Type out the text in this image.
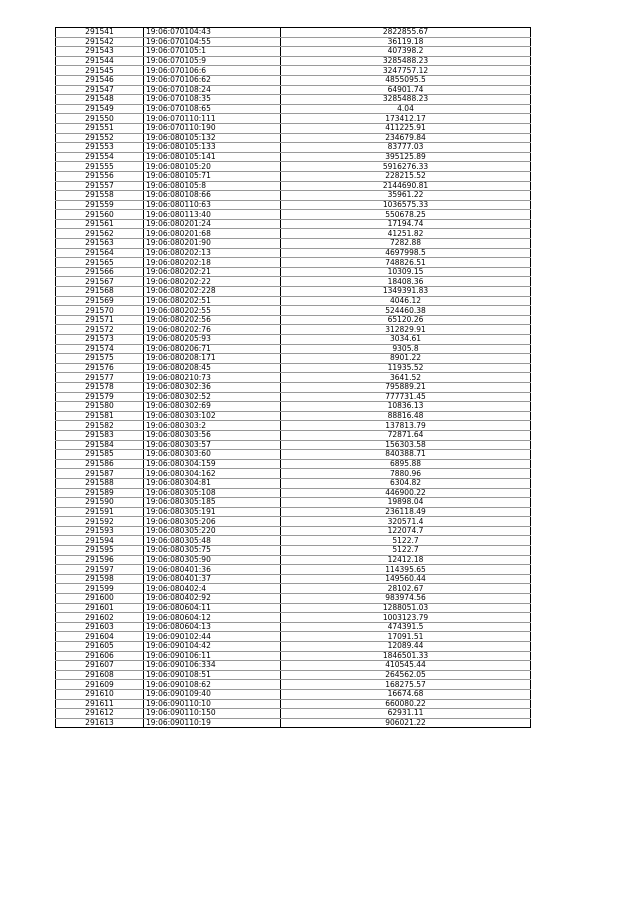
291541	19:06:070104:43	2822855.67
291542	19:06:070104:55	36119.18
291543	19:06:070105:1	407398.2
291544	19:06:070105:9	3285488.23
291545	19:06:070106:6	3247757.12
291546	19:06:070106:62	4855095.5
291547	19:06:070108:24	64901.74
291548	19:06:070108:35	3285488.23
291549	19:06:070108:65	4.04
291550	19:06:070110:111	173412.17
291551	19:06:070110:190	411225.91
291552	19:06:080105:132	234679.84
291553	19:06:080105:133	83777.03
291554	19:06:080105:141	395125.89
291555	19:06:080105:20	5916276.33
291556	19:06:080105:71	228215.52
291557	19:06:080105:8	2144690.81
291558	19:06:080108:66	35961.22
291559	19:06:080110:63	1036575.33
291560	19:06:080113:40	550678.25
291561	19:06:080201:24	17194.74
291562	19:06:080201:68	41251.82
291563	19:06:080201:90	7282.88
291564	19:06:080202:13	4697998.5
291565	19:06:080202:18	748826.51
291566	19:06:080202:21	10309.15
291567	19:06:080202:22	18408.36
291568	19:06:080202:228	1349391.83
291569	19:06:080202:51	4046.12
291570	19:06:080202:55	524460.38
291571	19:06:080202:56	65120.26
291572	19:06:080202:76	312829.91
291573	19:06:080205:93	3034.61
291574	19:06:080206:71	9305.8
291575	19:06:080208:171	8901.22
291576	19:06:080208:45	11935.52
291577	19:06:080210:73	3641.52
291578	19:06:080302:36	795889.21
291579	19:06:080302:52	777731.45
291580	19:06:080302:69	10836.13
291581	19:06:080303:102	88816.48
291582	19:06:080303:2	137813.79
291583	19:06:080303:56	72871.64
291584	19:06:080303:57	156303.58
291585	19:06:080303:60	840388.71
291586	19:06:080304:159	6895.88
291587	19:06:080304:162	7880.96
291588	19:06:080304:81	6304.82
291589	19:06:080305:108	446900.22
291590	19:06:080305:185	19898.04
291591	19:06:080305:191	236118.49
291592	19:06:080305:206	320571.4
291593	19:06:080305:220	122074.7
291594	19:06:080305:48	5122.7
291595	19:06:080305:75	5122.7
291596	19:06:080305:90	12412.18
291597	19:06:080401:36	114395.65
291598	19:06:080401:37	149560.44
291599	19:06:080402:4	28102.67
291600	19:06:080402:92	983974.56
291601	19:06:080604:11	1288051.03
291602	19:06:080604:12	1003123.79
291603	19:06:080604:13	474391.5
291604	19:06:090102:44	17091.51
291605	19:06:090104:42	12089.44
291606	19:06:090106:11	1846501.33
291607	19:06:090106:334	410545.44
291608	19:06:090108:51	264562.05
291609	19:06:090108:62	168275.57
291610	19:06:090109:40	16674.68
291611	19:06:090110:10	660080.22
291612	19:06:090110:150	62931.11
291613	19:06:090110:19	906021.22
